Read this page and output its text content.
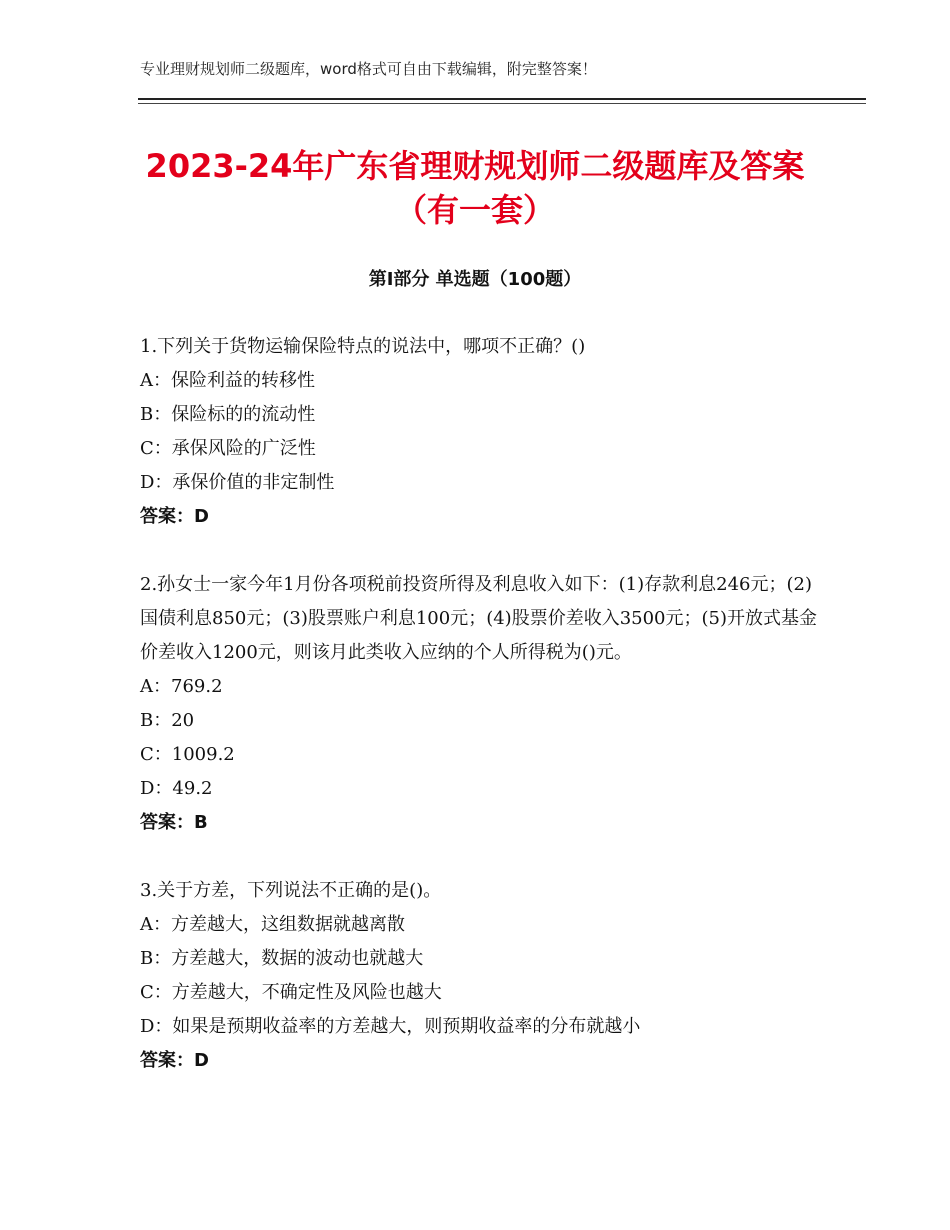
专业理财规划师二级题库，word格式可自由下载编辑，附完整答案！
2023-24年广东省理财规划师二级题库及答案（有一套）
第Ⅰ部分 单选题（100题）

1.下列关于货物运输保险特点的说法中，哪项不正确？()

A：保险利益的转移性

B：保险标的的流动性

C：承保风险的广泛性

D：承保价值的非定制性

答案：D

2.孙女士一家今年1月份各项税前投资所得及利息收入如下：(1)存款利息246元；(2)国债利息850元；(3)股票账户利息100元；(4)股票价差收入3500元；(5)开放式基金价差收入1200元，则该月此类收入应纳的个人所得税为()元。

A：769.2

B：20

C：1009.2

D：49.2

答案：B

3.关于方差，下列说法不正确的是()。

A：方差越大，这组数据就越离散

B：方差越大，数据的波动也就越大

C：方差越大，不确定性及风险也越大

D：如果是预期收益率的方差越大，则预期收益率的分布就越小

答案：D
